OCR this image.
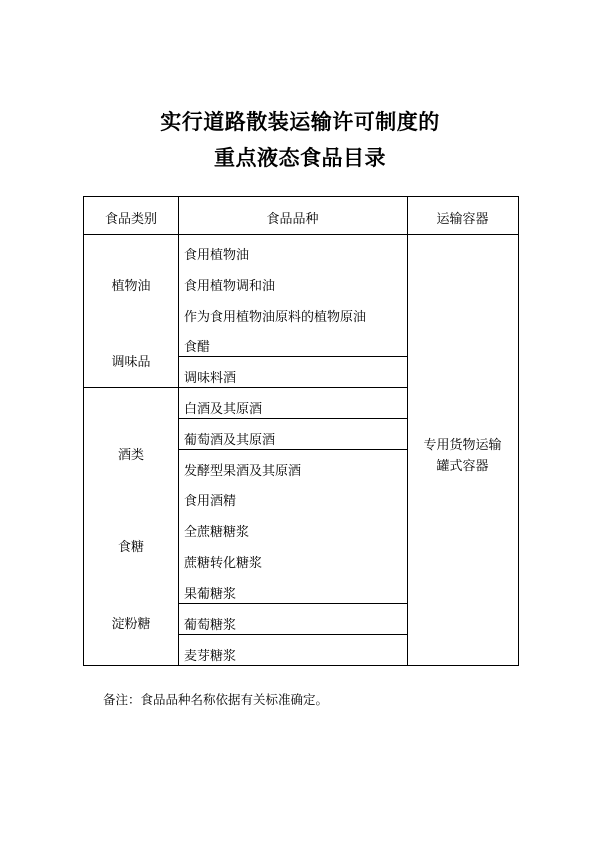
实行道路散装运输许可制度的
重点液态食品目录
食品类别	食品品种	运输容器
植物油
调味品
酒类
食糖
淀粉糖
食用植物油
食用植物调和油
作为食用植物油原料的植物原油
食醋
调味料酒
白酒及其原酒
葡萄酒及其原酒
发酵型果酒及其原酒
食用酒精
全蔗糖糖浆
蔗糖转化糖浆
果葡糖浆
葡萄糖浆
麦芽糖浆
专用货物运输
罐式容器
备注：食品品种名称依据有关标准确定。
